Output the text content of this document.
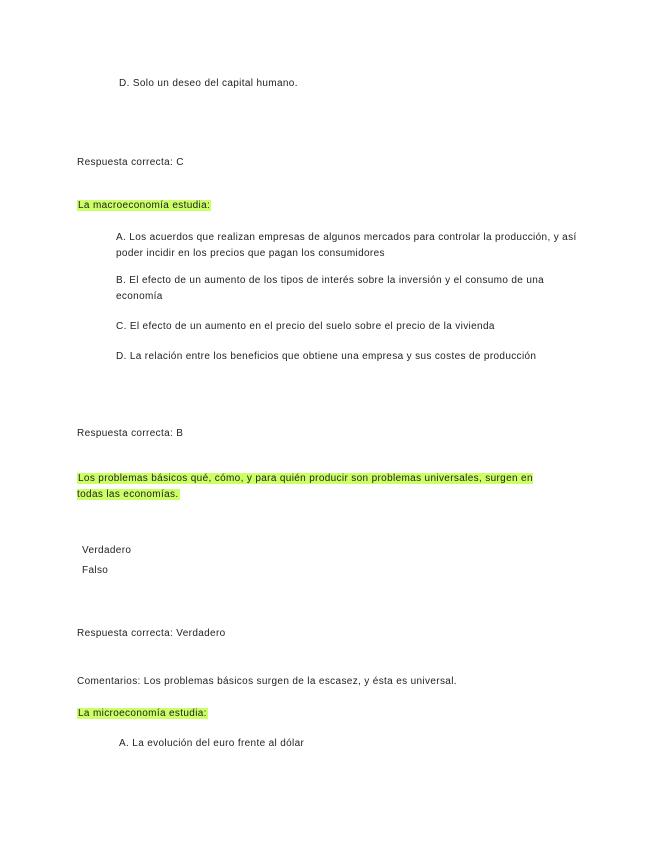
D. Solo un deseo del capital humano.
Respuesta correcta: C
La macroeconomía estudia:
A. Los acuerdos que realizan empresas de algunos mercados para controlar la producción, y así poder incidir en los precios que pagan los consumidores
B. El efecto de un aumento de los tipos de interés sobre la inversión y el consumo de una economía
C. El efecto de un aumento en el precio del suelo sobre el precio de la vivienda
D. La relación entre los beneficios que obtiene una empresa y sus costes de producción
Respuesta correcta: B
Los problemas básicos qué, cómo, y para quién producir son problemas universales, surgen en todas las economías.
Verdadero
Falso
Respuesta correcta: Verdadero
Comentarios: Los problemas básicos surgen de la escasez, y ésta es universal.
La microeconomía estudia:
A. La evolución del euro frente al dólar
